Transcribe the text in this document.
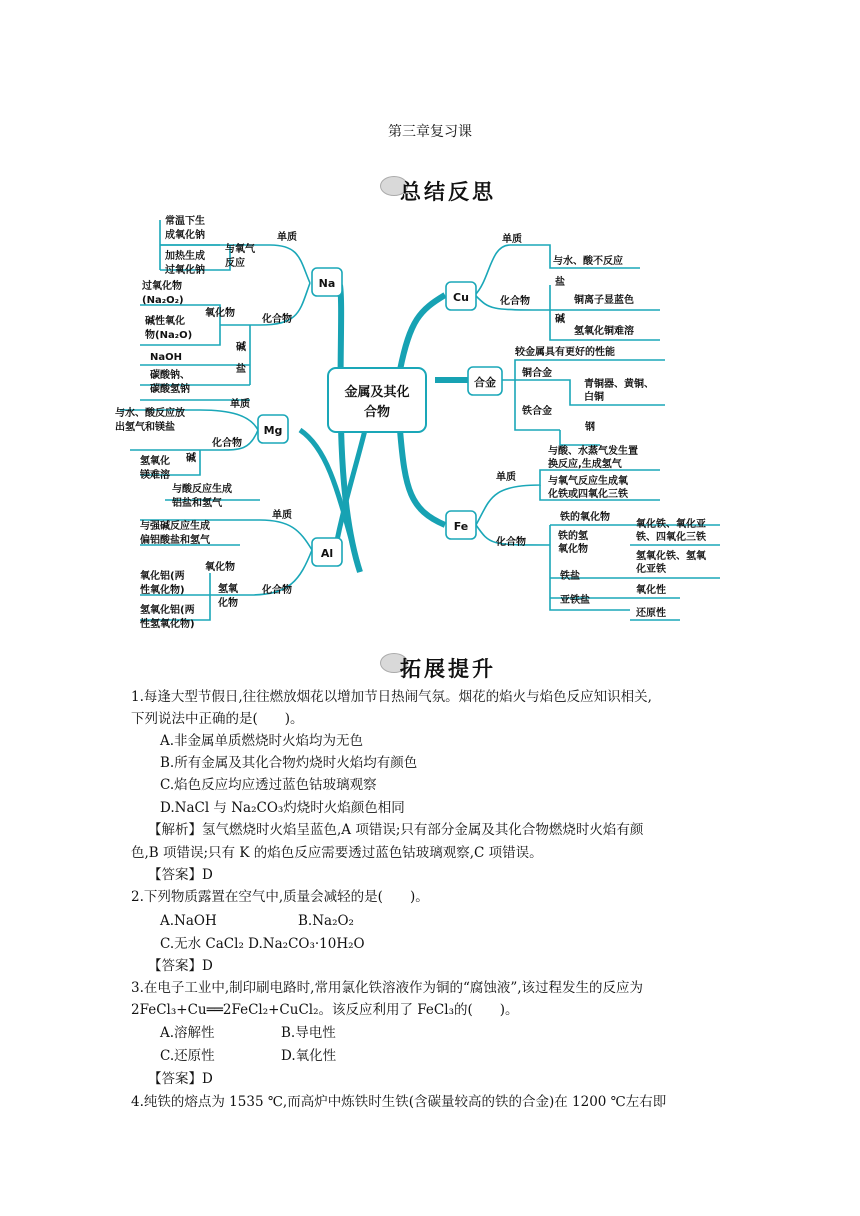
第三章复习课
总结反思
金属及其化
合物
Na
Mg
Al
Cu
合金
Fe
单质
与氧气
反应
常温下生
成氧化钠
加热生成
过氧化钠
化合物
氧化物
过氧化物
(Na₂O₂)
碱性氧化
物(Na₂O)
碱
NaOH
盐
碳酸钠、
碳酸氢钠
单质
与水、酸反应放
出氢气和镁盐
化合物
碱
氢氧化
镁难溶
与酸反应生成
铝盐和氢气
单质
与强碱反应生成
偏铝酸盐和氢气
氧化物
氢氧
化物
化合物
氧化铝(两
性氧化物)
氢氧化铝(两
性氢氧化物)
单质
与水、酸不反应
化合物
盐
铜离子显蓝色
碱
氢氧化铜难溶
较金属具有更好的性能
铜合金
青铜器、黄铜、
白铜
铁合金
钢
单质
与酸、水蒸气发生置
换反应,生成氢气
与氧气反应生成氧
化铁或四氧化三铁
化合物
铁的氧化物
氧化铁、氧化亚
铁、四氧化三铁
铁的氢
氧化物
氢氧化铁、氢氧
化亚铁
铁盐
氧化性
亚铁盐
还原性
拓展提升
1.每逢大型节假日,往往燃放烟花以增加节日热闹气氛。烟花的焰火与焰色反应知识相关,
下列说法中正确的是(　　)。
A.非金属单质燃烧时火焰均为无色
B.所有金属及其化合物灼烧时火焰均有颜色
C.焰色反应均应透过蓝色钴玻璃观察
D.NaCl 与 Na₂CO₃灼烧时火焰颜色相同
【解析】氢气燃烧时火焰呈蓝色,A 项错误;只有部分金属及其化合物燃烧时火焰有颜
色,B 项错误;只有 K 的焰色反应需要透过蓝色钴玻璃观察,C 项错误。
【答案】D
2.下列物质露置在空气中,质量会减轻的是(　　)。
A.NaOH	B.Na₂O₂
C.无水 CaCl₂ D.Na₂CO₃·10H₂O
【答案】D
3.在电子工业中,制印刷电路时,常用氯化铁溶液作为铜的“腐蚀液”,该过程发生的反应为
2FeCl₃+Cu══2FeCl₂+CuCl₂。该反应利用了 FeCl₃的(　　)。
A.溶解性	B.导电性
C.还原性	D.氧化性
【答案】D
4.纯铁的熔点为 1535 ℃,而高炉中炼铁时生铁(含碳量较高的铁的合金)在 1200 ℃左右即
